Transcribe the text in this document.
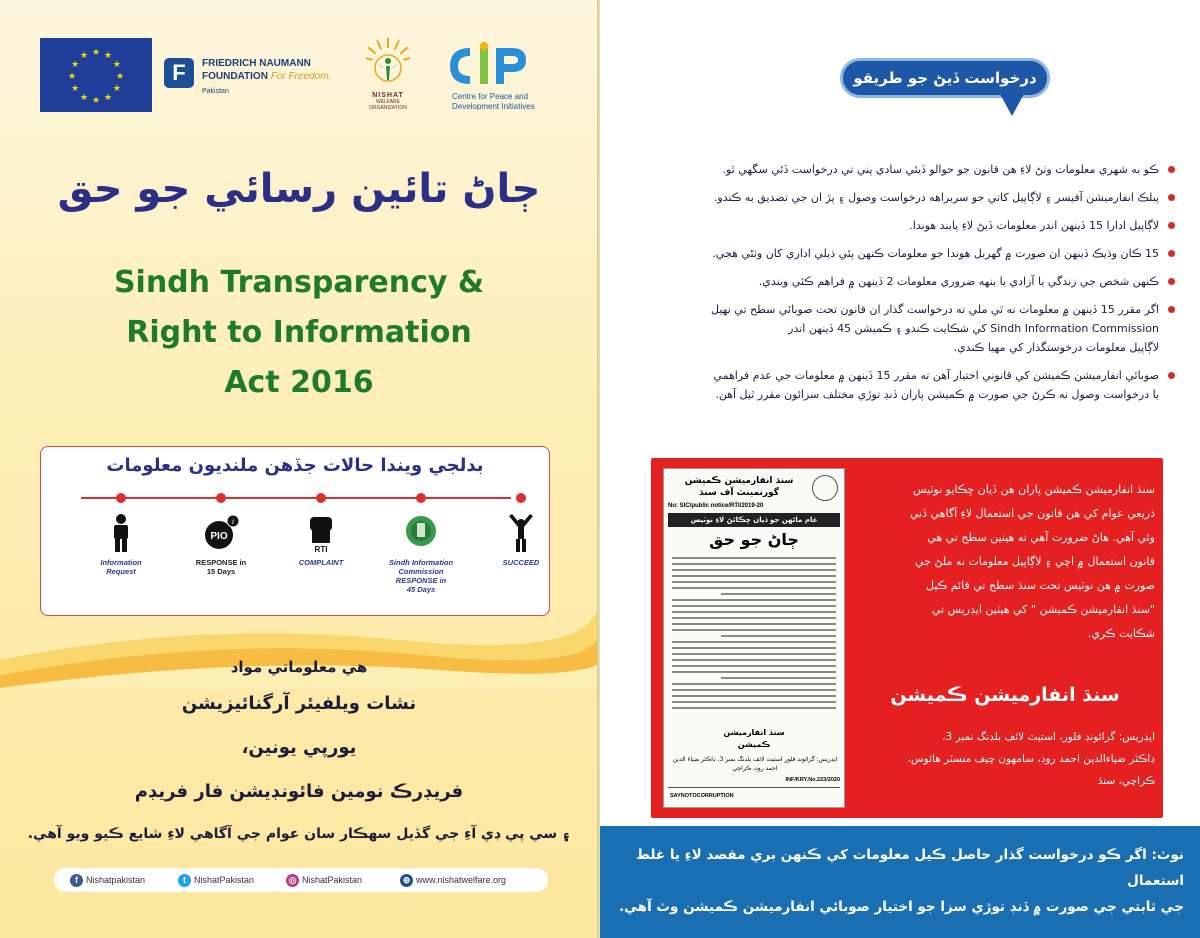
★ ★
★
★
★
★
★
★
★
★
★
★
F	FRIEDRICH NAUMANN
FOUNDATION For Freedom.
Pakistan
NISHAT
WELFARE ORGANIZATION
Centre for Peace and
Development Initiatives
ڄاڻ تائين رسائي جو حق
Sindh Transparency &
Right to Information
Act 2016
بدلجي ويندا حالات جڏهن ملنديون معلومات
Information
Request
PIO
i
RESPONSE in
15 Days
RTI
COMPLAINT	Sindh Information Commission
RESPONSE in
45 Days
SUCCEED
هي معلوماتي مواد
نشات ويلفيئر آرگنائيزيشن
يورپي يونين،
فريڊرڪ نومين فائونڊيشن فار فريڊم
۽ سي پي ڊي آءِ جي گڏيل سهڪار سان عوام جي آگاهي لاءِ شايع ڪيو ويو آهي.
f Nishatpakistan	t NishatPakistan	◎ NishatPakistan	⊕ www.nishatwelfare.org
درخواست ڏيڻ جو طريقو
ڪو به شهري معلومات وٺڻ لاءِ هن قانون جو حوالو ڏيئي سادي پني تي درخواست ڏئي سگهي ٿو.
پبلڪ انفارميشن آفيسر ۽ لاڳاپيل کاتي جو سربراهه درخواست وصول ۽ پڙ ان جي تصديق به ڪندو.
لاڳاپيل ادارا 15 ڏينهن اندر معلومات ڏيڻ لاءِ پابند هوندا.
15 ڪان وڌيڪ ڏينهن ان صورت ۾ گهربل هوندا جو معلومات ڪنهن ٻئي ذيلي اداري کان وٺڻي هجي.
ڪنهن شخص جي زندگي يا آزادي يا بنهه ضروري معلومات 2 ڏينهن ۾ فراهم ڪئي ويندي.
اگر مقرر 15 ڏينهن ۾ معلومات نه ٿي ملي ته درخواست گذار ان قانون تحت صوبائي سطح تي نهيل
Sindh Information Commission کي شڪايت ڪندو ۽ ڪميشن 45 ڏينهن اندر
لاڳاپيل معلومات درخوستگذار کي مهيا ڪندي.
صوبائي انفارميشن ڪميشن کي قانوني اختيار آهن ته مقرر 15 ڏينهن ۾ معلومات جي عدم فراهمي
يا درخواست وصول نه ڪرڻ جي صورت ۾ ڪميشن پاران ڏنڊ توڙي مختلف سزائون مقرر ٿيل آهن.
سنڌ انفارميشن ڪميشن
گورنمينٽ آف سنڌ
No: SIC/public notice/RTI/2019-20
عام ماڻهن جو ڏيان ڇڪائڻ لاءِ نوٽيس
ڄاڻ جو حق
سنڌ انفارميشن
ڪميشن
ايڊريس: گرائونڊ فلور استيٽ لائف بلڊنگ نمبر 3، ڊاڪٽر ضياءَ الدين احمد روڊ، ڪراچي
INF/KRY.No.223/2020
SAYNOTOCORRUPTION
سنڌ انفارميشن ڪميشن پاران هن ڏيان ڇڪايو نوٽيس
ذريعي عوام کي هن قانون جي استعمال لاءِ آگاهي ڏني
وئي آهي. هاڻ ضرورت آهي ته هيٺين سطح تي هي
قانون استعمال ۾ اچي ۽ لاڳاپيل معلومات نه ملڻ جي
صورت ۾ هن نوٽيس تحت سنڌ سطح تي قائم ڪيل
"سنڌ انفارميشن ڪميشن " کي هيٺين ايڊريس تي
شڪايت ڪري.
سنڌ انفارميشن ڪميشن
ايڊريس: گرائونڊ فلور، استيٽ لائف بلڊنگ نمبر 3،
ڊاڪٽر ضياءالدين احمد روڊ، سامهون چيف منسٽر هائوس،
ڪراچي، سنڌ
نوٽ: اگر ڪو درخواست گذار حاصل ڪيل معلومات کي ڪنهن بري مقصد لاءِ يا غلط استعمال
جي ثابتي جي صورت ۾ ڏنڊ توڙي سزا جو اختيار صوبائي انفارميشن ڪميشن وٽ آهي.
